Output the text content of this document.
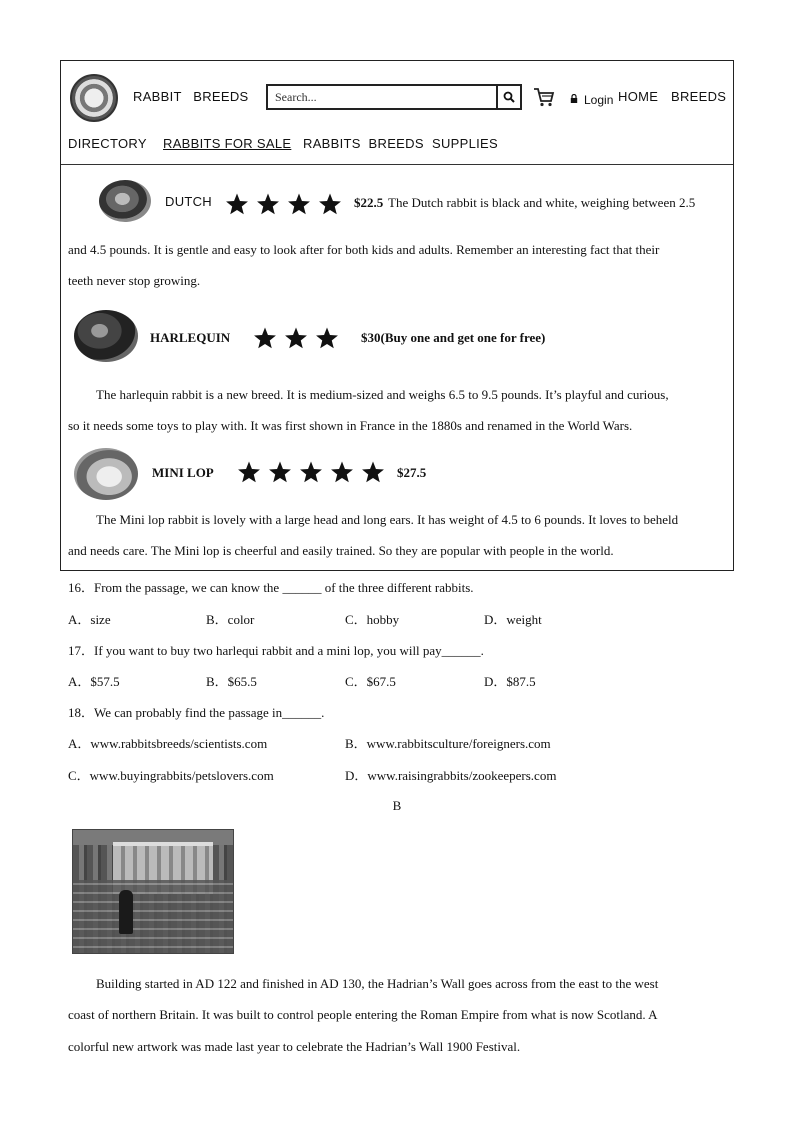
RABBIT   BREEDS
Search...	Login HOME BREEDS
DIRECTORY RABBITS FOR SALE RABBITS  BREEDS SUPPLIES
DUTCH	$22.5 The Dutch rabbit is black and white, weighing between 2.5
and 4.5 pounds. It is gentle and easy to look after for both kids and adults. Remember an interesting fact that their
teeth never stop growing.
HARLEQUIN	$30(Buy one and get one for free)
The harlequin rabbit is a new breed. It is medium-sized and weighs 6.5 to 9.5 pounds. It’s playful and curious,
so it needs some toys to play with. It was first shown in France in the 1880s and renamed in the World Wars.
MINI LOP	$27.5
The Mini lop rabbit is lovely with a large head and long ears. It has weight of 4.5 to 6 pounds. It loves to beheld
and needs care. The Mini lop is cheerful and easily trained. So they are popular with people in the world.
16．From the passage, we can know the ______ of the three different rabbits.
A．size	B．color	C．hobby	D．weight
17．If you want to buy two harlequi rabbit and a mini lop, you will pay______.
A．$57.5	B．$65.5	C．$67.5	D．$87.5
18．We can probably find the passage in______.
A．www.rabbitsbreeds/scientists.com	B．www.rabbitsculture/foreigners.com
C．www.buyingrabbits/petslovers.com	D．www.raisingrabbits/zookeepers.com
B
Building started in AD 122 and finished in AD 130, the Hadrian’s Wall goes across from the east to the west
coast of northern Britain. It was built to control people entering the Roman Empire from what is now Scotland. A
colorful new artwork was made last year to celebrate the Hadrian’s Wall 1900 Festival.
